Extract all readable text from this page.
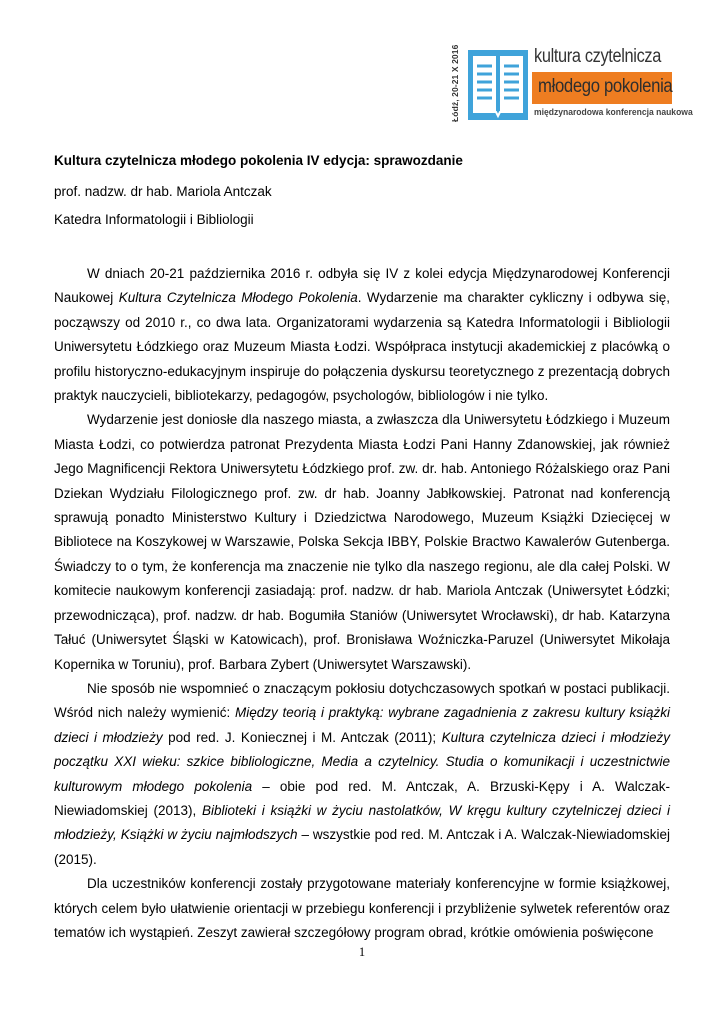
Łódź, 20-21 X 2016	kultura czytelnicza
młodego pokolenia
międzynarodowa konferencja naukowa
Kultura czytelnicza młodego pokolenia IV edycja: sprawozdanie
prof. nadzw. dr hab. Mariola Antczak
Katedra Informatologii i Bibliologii

W dniach 20-21 października 2016 r. odbyła się IV z kolei edycja Międzynarodowej Konferencji Naukowej Kultura Czytelnicza Młodego Pokolenia. Wydarzenie ma charakter cykliczny i odbywa się, począwszy od 2010 r., co dwa lata. Organizatorami wydarzenia są Katedra Informatologii i Bibliologii Uniwersytetu Łódzkiego oraz Muzeum Miasta Łodzi. Współpraca instytucji akademickiej z placówką o profilu historyczno-edukacyjnym inspiruje do połączenia dyskursu teoretycznego z prezentacją dobrych praktyk nauczycieli, bibliotekarzy, pedagogów, psychologów, bibliologów i nie tylko.

Wydarzenie jest doniosłe dla naszego miasta, a zwłaszcza dla Uniwersytetu Łódzkiego i Muzeum Miasta Łodzi, co potwierdza patronat Prezydenta Miasta Łodzi Pani Hanny Zdanowskiej, jak również Jego Magnificencji Rektora Uniwersytetu Łódzkiego prof. zw. dr. hab. Antoniego Różalskiego oraz Pani Dziekan Wydziału Filologicznego prof. zw. dr hab. Joanny Jabłkowskiej. Patronat nad konferencją sprawują ponadto Ministerstwo Kultury i Dziedzictwa Narodowego, Muzeum Książki Dziecięcej w Bibliotece na Koszykowej w Warszawie, Polska Sekcja IBBY, Polskie Bractwo Kawalerów Gutenberga. Świadczy to o tym, że konferencja ma znaczenie nie tylko dla naszego regionu, ale dla całej Polski. W komitecie naukowym konferencji zasiadają: prof. nadzw. dr hab. Mariola Antczak (Uniwersytet Łódzki; przewodnicząca), prof. nadzw. dr hab. Bogumiła Staniów (Uniwersytet Wrocławski), dr hab. Katarzyna Tałuć (Uniwersytet Śląski w Katowicach), prof. Bronisława Woźniczka-Paruzel (Uniwersytet Mikołaja Kopernika w Toruniu), prof. Barbara Zybert (Uniwersytet Warszawski).

Nie sposób nie wspomnieć o znaczącym pokłosiu dotychczasowych spotkań w postaci publikacji. Wśród nich należy wymienić: Między teorią i praktyką: wybrane zagadnienia z zakresu kultury książki dzieci i młodzieży pod red. J. Koniecznej i M. Antczak (2011); Kultura czytelnicza dzieci i młodzieży początku XXI wieku: szkice bibliologiczne, Media a czytelnicy. Studia o komunikacji i uczestnictwie kulturowym młodego pokolenia – obie pod red. M. Antczak, A. Brzuski-Kępy i A. Walczak-Niewiadomskiej (2013), Biblioteki i książki w życiu nastolatków, W kręgu kultury czytelniczej dzieci i młodzieży, Książki w życiu najmłodszych – wszystkie pod red. M. Antczak i A. Walczak-Niewiadomskiej (2015).

Dla uczestników konferencji zostały przygotowane materiały konferencyjne w formie książkowej, których celem było ułatwienie orientacji w przebiegu konferencji i przybliżenie sylwetek referentów oraz tematów ich wystąpień. Zeszyt zawierał szczegółowy program obrad, krótkie omówienia poświęcone

1
